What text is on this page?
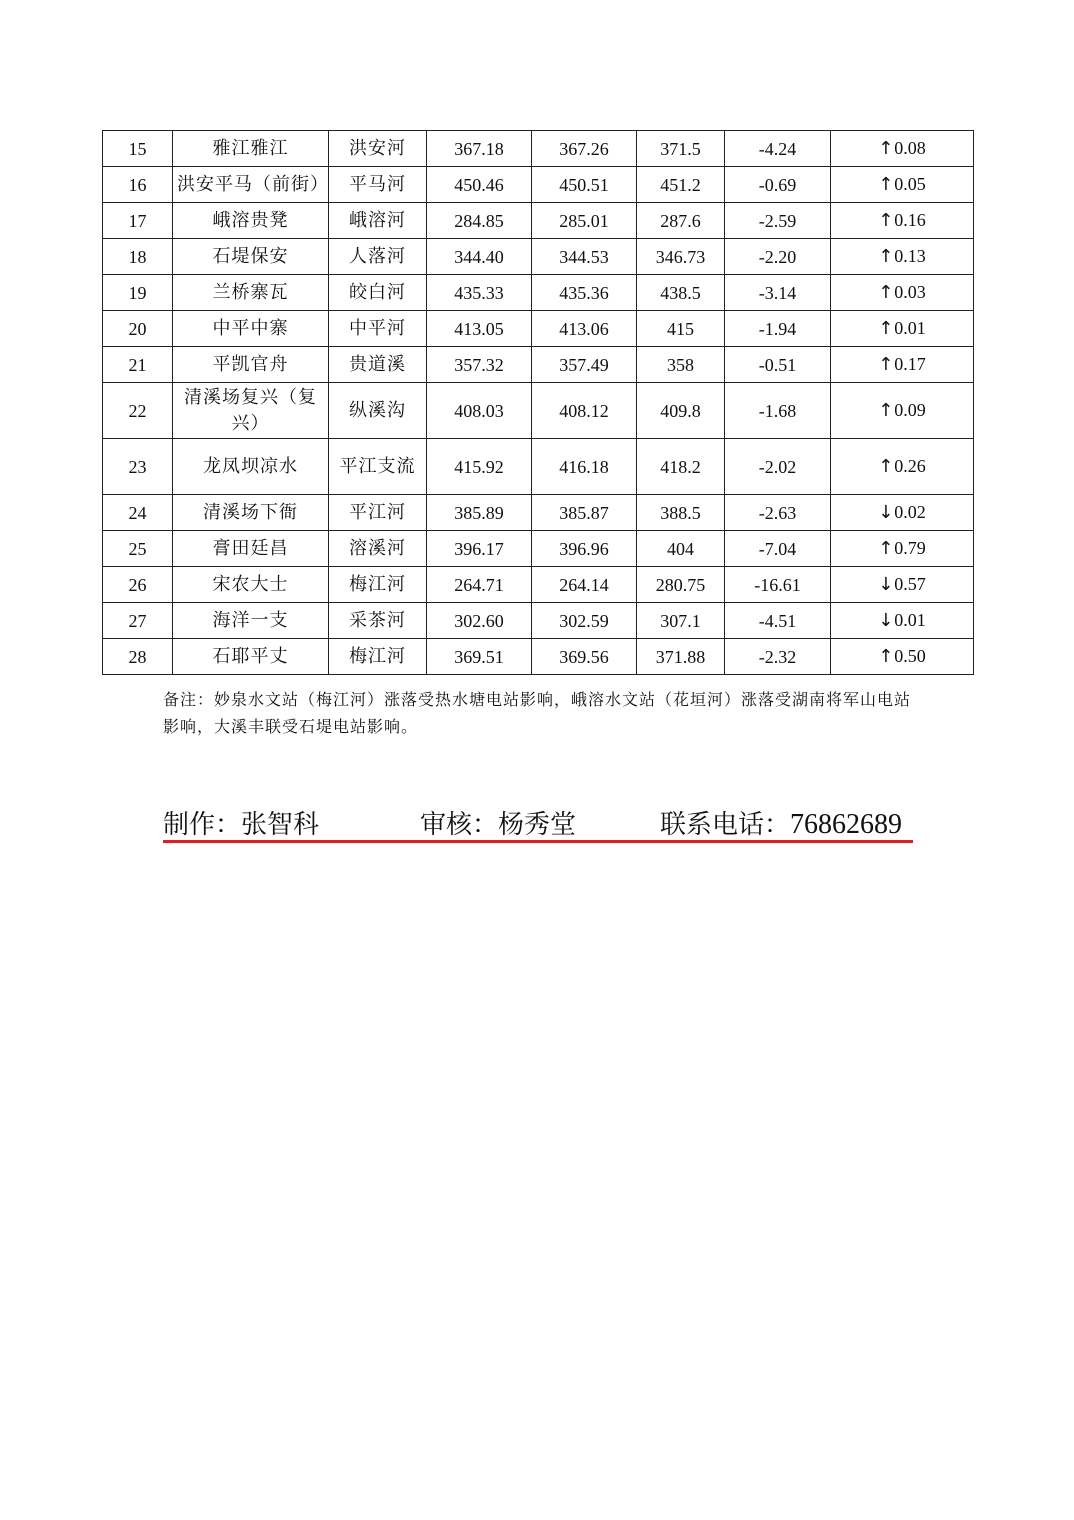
15	雅江雅江	洪安河	367.18	367.26	371.5	-4.24	↑0.08
16	洪安平马（前街）	平马河	450.46	450.51	451.2	-0.69	↑0.05
17	峨溶贵凳	峨溶河	284.85	285.01	287.6	-2.59	↑0.16
18	石堤保安	人落河	344.40	344.53	346.73	-2.20	↑0.13
19	兰桥寨瓦	皎白河	435.33	435.36	438.5	-3.14	↑0.03
20	中平中寨	中平河	413.05	413.06	415	-1.94	↑0.01
21	平凯官舟	贵道溪	357.32	357.49	358	-0.51	↑0.17
22	清溪场复兴（复兴）	纵溪沟	408.03	408.12	409.8	-1.68	↑0.09
23	龙凤坝凉水	平江支流	415.92	416.18	418.2	-2.02	↑0.26
24	清溪场下衙	平江河	385.89	385.87	388.5	-2.63	↓0.02
25	膏田廷昌	溶溪河	396.17	396.96	404	-7.04	↑0.79
26	宋农大士	梅江河	264.71	264.14	280.75	-16.61	↓0.57
27	海洋一支	采茶河	302.60	302.59	307.1	-4.51	↓0.01
28	石耶平丈	梅江河	369.51	369.56	371.88	-2.32	↑0.50
备注：妙泉水文站（梅江河）涨落受热水塘电站影响，峨溶水文站（花垣河）涨落受湖南将军山电站影响，大溪丰联受石堤电站影响。
制作：张智科	审核：杨秀堂	联系电话：76862689
